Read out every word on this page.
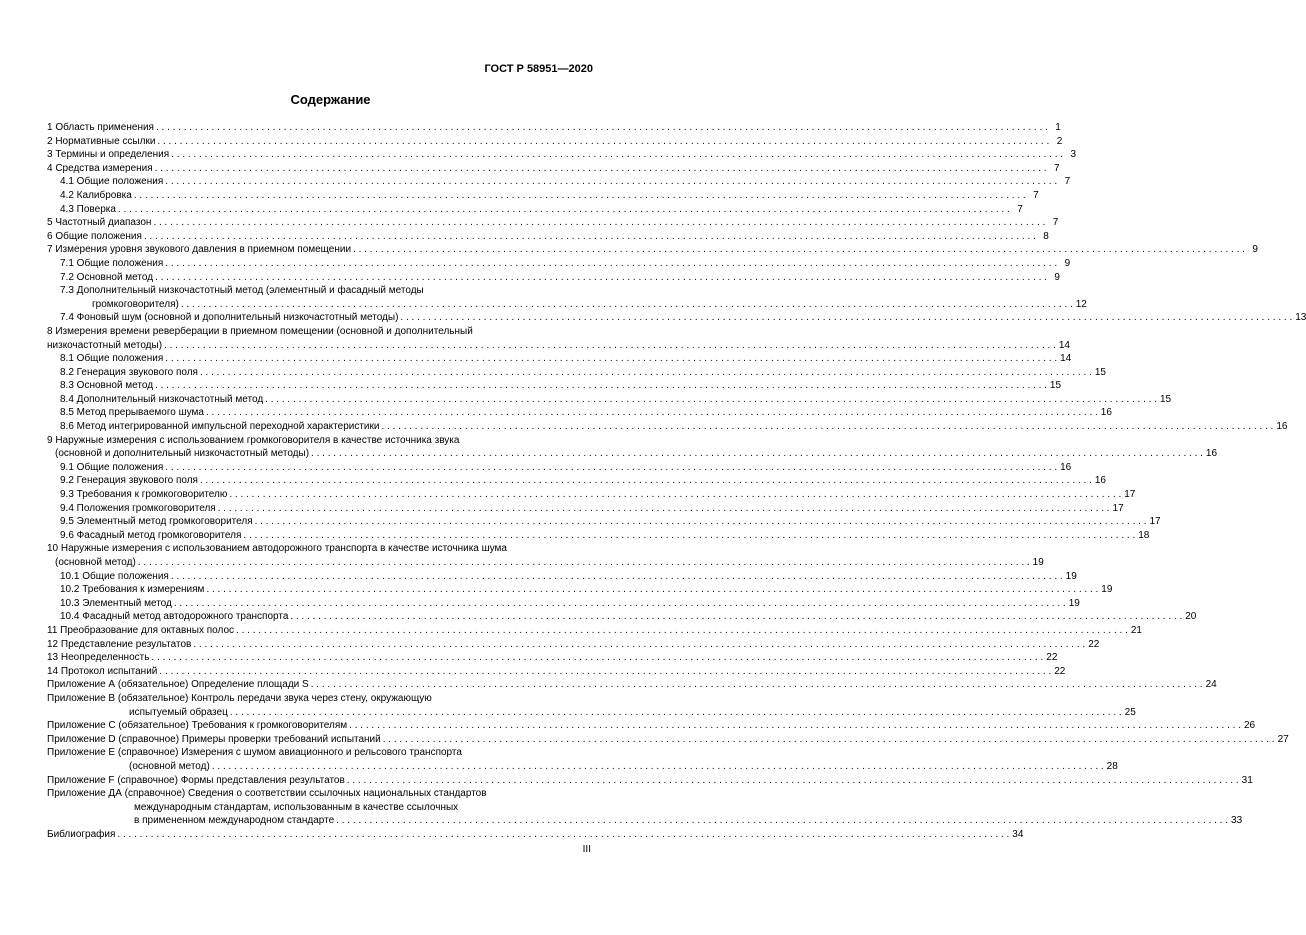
ГОСТ Р 58951—2020
Содержание
1 Область применения . . .	1
2 Нормативные ссылки . . .	2
3 Термины и определения . . .	3
4 Средства измерения . . .	7
4.1 Общие положения . . .	7
4.2 Калибровка . . .	7
4.3 Поверка . . .	7
5 Частотный диапазон . . .	7
6 Общие положения . . .	8
7 Измерения уровня звукового давления в приемном помещении . . .	9
7.1 Общие положения . . .	9
7.2 Основной метод . . .	9
7.3 Дополнительный низкочастотный метод (элементный и фасадный методы
громкоговорителя) . . .	12
7.4 Фоновый шум (основной и дополнительный низкочастотный методы) . . .	13
8 Измерения времени реверберации в приемном помещении (основной и дополнительный
низкочастотный методы) . . .	14
8.1 Общие положения . . .	14
8.2 Генерация звукового поля . . .	15
8.3 Основной метод . . .	15
8.4 Дополнительный низкочастотный метод . . .	15
8.5 Метод прерываемого шума . . .	16
8.6 Метод интегрированной импульсной переходной характеристики . . .	16
9 Наружные измерения с использованием громкоговорителя в качестве источника звука
(основной и дополнительный низкочастотный методы) . . .	16
9.1 Общие положения . . .	16
9.2 Генерация звукового поля . . .	16
9.3 Требования к громкоговорителю . . .	17
9.4 Положения громкоговорителя . . .	17
9.5 Элементный метод громкоговорителя . . .	17
9.6 Фасадный метод громкоговорителя . . .	18
10 Наружные измерения с использованием автодорожного транспорта в качестве источника шума
(основной метод) . . .	19
10.1 Общие положения . . .	19
10.2 Требования к измерениям . . .	19
10.3 Элементный метод . . .	19
10.4 Фасадный метод автодорожного транспорта . . .	20
11 Преобразование для октавных полос . . .	21
12 Представление результатов . . .	22
13 Неопределенность . . .	22
14 Протокол испытаний . . .	22
Приложение А (обязательное) Определение площади S . . .	24
Приложение В (обязательное) Контроль передачи звука через стену, окружающую
испытуемый образец . . .	25
Приложение С (обязательное) Требования к громкоговорителям . . .	26
Приложение D (справочное) Примеры проверки требований испытаний . . .	27
Приложение Е (справочное) Измерения с шумом авиационного и рельсового транспорта
(основной метод) . . .	28
Приложение F (справочное) Формы представления результатов . . .	31
Приложение ДА (справочное) Сведения о соответствии ссылочных национальных стандартов
международным стандартам, использованным в качестве ссылочных
в примененном международном стандарте . . .	33
Библиография . . .	34
III
